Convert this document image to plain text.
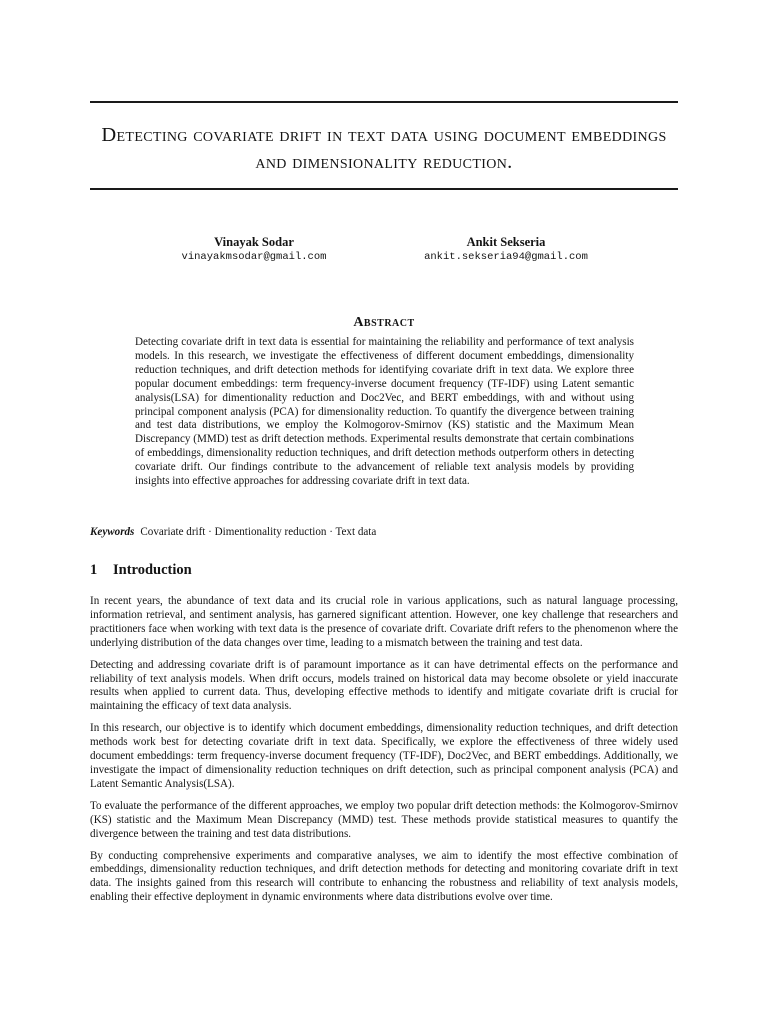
Detecting covariate drift in text data using document embeddings and dimensionality reduction.
Vinayak Sodar
vinayakmsodar@gmail.com
Ankit Sekseria
ankit.sekseria94@gmail.com
Abstract
Detecting covariate drift in text data is essential for maintaining the reliability and performance of text analysis models. In this research, we investigate the effectiveness of different document embeddings, dimensionality reduction techniques, and drift detection methods for identifying covariate drift in text data. We explore three popular document embeddings: term frequency-inverse document frequency (TF-IDF) using Latent semantic analysis(LSA) for dimentionality reduction and Doc2Vec, and BERT embeddings, with and without using principal component analysis (PCA) for dimensionality reduction. To quantify the divergence between training and test data distributions, we employ the Kolmogorov-Smirnov (KS) statistic and the Maximum Mean Discrepancy (MMD) test as drift detection methods. Experimental results demonstrate that certain combinations of embeddings, dimensionality reduction techniques, and drift detection methods outperform others in detecting covariate drift. Our findings contribute to the advancement of reliable text analysis models by providing insights into effective approaches for addressing covariate drift in text data.
Keywords Covariate drift · Dimentionality reduction · Text data
1 Introduction

In recent years, the abundance of text data and its crucial role in various applications, such as natural language processing, information retrieval, and sentiment analysis, has garnered significant attention. However, one key challenge that researchers and practitioners face when working with text data is the presence of covariate drift. Covariate drift refers to the phenomenon where the underlying distribution of the data changes over time, leading to a mismatch between the training and test data.

Detecting and addressing covariate drift is of paramount importance as it can have detrimental effects on the performance and reliability of text analysis models. When drift occurs, models trained on historical data may become obsolete or yield inaccurate results when applied to current data. Thus, developing effective methods to identify and mitigate covariate drift is crucial for maintaining the efficacy of text data analysis.

In this research, our objective is to identify which document embeddings, dimensionality reduction techniques, and drift detection methods work best for detecting covariate drift in text data. Specifically, we explore the effectiveness of three widely used document embeddings: term frequency-inverse document frequency (TF-IDF), Doc2Vec, and BERT embeddings. Additionally, we investigate the impact of dimensionality reduction techniques on drift detection, such as principal component analysis (PCA) and Latent Semantic Analysis(LSA).

To evaluate the performance of the different approaches, we employ two popular drift detection methods: the Kolmogorov-Smirnov (KS) statistic and the Maximum Mean Discrepancy (MMD) test. These methods provide statistical measures to quantify the divergence between the training and test data distributions.

By conducting comprehensive experiments and comparative analyses, we aim to identify the most effective combination of embeddings, dimensionality reduction techniques, and drift detection methods for detecting and monitoring covariate drift in text data. The insights gained from this research will contribute to enhancing the robustness and reliability of text analysis models, enabling their effective deployment in dynamic environments where data distributions evolve over time.
